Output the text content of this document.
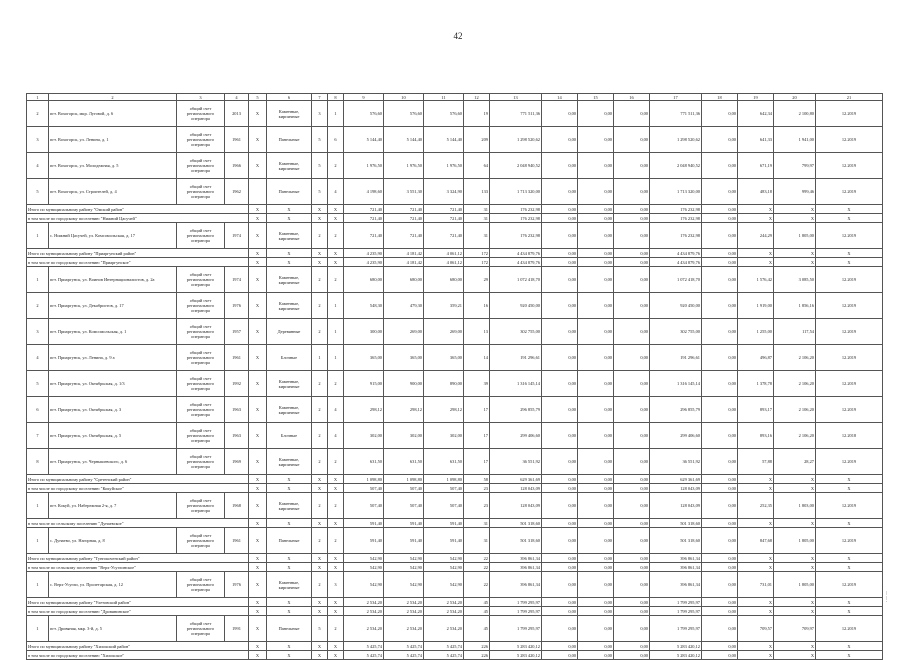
42
1	2	3	4	5	6	7	8	9	10	11	12	13	14	15	16	17	18	19	20	21
2	пгт. Вохогорск, мкр. Луговой, д. 6	общий счет регионального оператора	2013	X	Каменные, кирпичные	3	1	576,60	576,60	576,60	19	771 511,36	0,00	0,00	0,00	771 511,36	0,00	642,34	2 100,80	12.2019
3	пгт. Вохогорск, ул. Ленина, д. 1	общий счет регионального оператора	1961	X	Панельные	5	6	5 144,40	5 144,40	5 144,40	209	1 298 520,62	0,00	0,00	0,00	1 298 520,62	0,00	641,33	1 941,00	12.2019
4	пгт. Вохогорск, ул. Молодежная, д. 5	общий счет регионального оператора	1966	X	Каменные, кирпичные	5	2	1 976,50	1 976,50	1 976,50	64	2 048 940,52	0,00	0,00	0,00	2 048 940,52	0,00	671,19	799,97	12.2019
5	пгт. Вохогорск, ул. Строителей, д. 4	общий счет регионального оператора	1962		Панельные	5	4	4 198,60	3 551,30	3 324,90	133	1 713 320,00	0,00	0,00	0,00	1 713 320,00	0,00	483,18	999,46	12.2019
Итого по муниципальному району "Омский район"				X	X	X	X	721,40	721,40	721,40	31	176 232,98	0,00	0,00	0,00	176 232,98	0,00	X	X	X
в том числе по городскому поселению "Нижний Цасучей"				X	X	X	X	721,40	721,40	721,40	31	176 232,98	0,00	0,00	0,00	176 232,98	0,00	X	X	X
1	с. Нижний Цасучей, ул. Комсомольская, д. 17	общий счет регионального оператора	1974	X	Каменные, кирпичные	2	2	721,40	721,40	721,40	31	176 232,98	0,00	0,00	0,00	176 232,98	0,00	244,29	1 805,00	12.2019
Итого по муниципальному району "Приаргунский район"				X	X	X	X	4 235,90	4 181,42	4 061,12	172	4 434 879,76	0,00	0,00	0,00	4 434 879,76	0,00	X	X	X
в том числе по городскому поселению "Приаргунское"				X	X	X	X	4 235,90	4 181,42	4 061,12	172	4 434 879,76	0,00	0,00	0,00	4 434 879,76	0,00	X	X	X
1	пгт. Приаргунск, ул. Воинов Интернационалистов, д. 2а	общий счет регионального оператора	1974	X	Каменные, кирпичные	2	2	680,00	680,00	680,00	29	1 072 418,70	0,00	0,00	0,00	1 072 418,70	0,00	1 576,42	3 085,50	12.2019
2	пгт. Приаргунск, ул. Декабристов, д. 17	общий счет регионального оператора	1976	X	Каменные, кирпичные	2	1	548,30	479,30	359,21	16	920 450,00	0,00	0,00	0,00	920 450,00	0,00	1 919,00	1 856,16	12.2019
3	пгт. Приаргунск, ул. Комсомольская, д. 1	общий счет регионального оператора	1957	X	Деревянные	2	1	300,00	269,00	269,00	13	302 755,00	0,00	0,00	0,00	302 755,00	0,00	1 255,00	117,54	12.2019
4	пгт. Приаргунск, ул. Ленина, д. 9 а	общий счет регионального оператора	1961	X	Блочные	1	1	365,00	365,00	365,00	14	191 296,61	0,00	0,00	0,00	191 296,61	0,00	496,87	2 106,20	12.2019
5	пгт. Приаргунск, ул. Октябрьская, д. 1/3	общий счет регионального оператора	1992	X	Каменные, кирпичные	2	2	915,00	900,00	890,00	39	1 316 145,14	0,00	0,00	0,00	1 316 145,14	0,00	1 378,78	2 106,20	12.2019
6	пгт. Приаргунск, ул. Октябрьская, д. 3	общий счет регионального оператора	1963	X	Каменные, кирпичные	2	4	298,12	298,12	298,12	17	296 855,79	0,00	0,00	0,00	296 855,79	0,00	893,17	2 106,20	12.2019
7	пгт. Приаргунск, ул. Октябрьская, д. 5	общий счет регионального оператора	1963	X	Блочные	2	4	302,00	302,00	302,00	17	299 406,60	0,00	0,00	0,00	299 406,60	0,00	893,16	2 106,20	12.2018
8	пгт. Приаргунск, ул. Чернышевского, д. 6	общий счет регионального оператора	1969	X	Каменные, кирпичные	2	2	631,50	631,50	631,50	17	36 551,92	0,00	0,00	0,00	36 551,92	0,00	57,88	28,27	12.2019
Итого по муниципальному району "Сретенский район"				X	X	X	X	1 098,80	1 098,80	1 098,80	58	629 361,69	0,00	0,00	0,00	629 361,69	0,00	X	X	X
в том числе по городскому поселению "Кокуйское"				X	X	X	X	507,40	507,40	507,40	23	128 043,09	0,00	0,00	0,00	128 043,09	0,00	X	X	X
1	пгт. Кокуй, ул. Набережная 2-я, д. 7	общий счет регионального оператора	1968	X	Каменные, кирпичные	2	2	507,40	507,40	507,40	23	128 043,09	0,00	0,00	0,00	128 043,09	0,00	252,35	1 803,00	12.2019
в том числе по сельскому поселению "Дунаевское"				X	X	X	X	591,40	591,40	591,40	31	501 318,60	0,00	0,00	0,00	501 318,60	0,00	X	X	X
1	с. Дунаево, ул. Нагорная, д. 8	общий счет регионального оператора	1961	X	Панельные	2	2	591,40	591,40	591,40	31	501 318,60	0,00	0,00	0,00	501 318,60	0,00	847,68	1 805,00	12.2019
Итого по муниципальному району "Тунгокоченский район"				X	X	X	X	542,90	542,90	542,90	22	396 861,34	0,00	0,00	0,00	396 861,34	0,00	X	X	X
в том числе по сельскому поселению "Верх-Усуглинское"				X	X	X	X	542,90	542,90	542,90	22	396 861,34	0,00	0,00	0,00	396 861,34	0,00	X	X	X
1	с. Верх-Усугли, ул. Пролетарская, д. 12	общий счет регионального оператора	1976	X	Каменные, кирпичные	2	3	542,90	542,90	542,90	22	396 861,34	0,00	0,00	0,00	396 861,34	0,00	731,01	1 805,00	12.2019
Итого по муниципальному району "Улетовский район"				X	X	X	X	2 534,20	2 534,20	2 534,20	45	1 799 295,97	0,00	0,00	0,00	1 799 295,97	0,00	X	X	X
в том числе по городскому поселению "Дровянинское"				X	X	X	X	2 534,20	2 534,20	2 534,20	45	1 799 295,97	0,00	0,00	0,00	1 799 295,97	0,00	X	X	X
1	пгт. Дровяная, мкр. 3-й, д. 5	общий счет регионального оператора	1991	X	Панельные	5	2	2 534,20	2 534,20	2 534,20	45	1 799 295,97	0,00	0,00	0,00	1 799 295,97	0,00	709,57	709,97	12.2019
Итого по муниципальному району "Хилокский район"				X	X	X	X	5 425,74	5 425,74	5 425,74	226	5 283 420,12	0,00	0,00	0,00	5 283 420,12	0,00	X	X	X
в том числе по городскому поселению "Хилокское"				X	X	X	X	5 425,74	5 425,74	5 425,74	226	5 283 420,12	0,00	0,00	0,00	5 283 420,12	0,00	X	X	X
|
|
'
